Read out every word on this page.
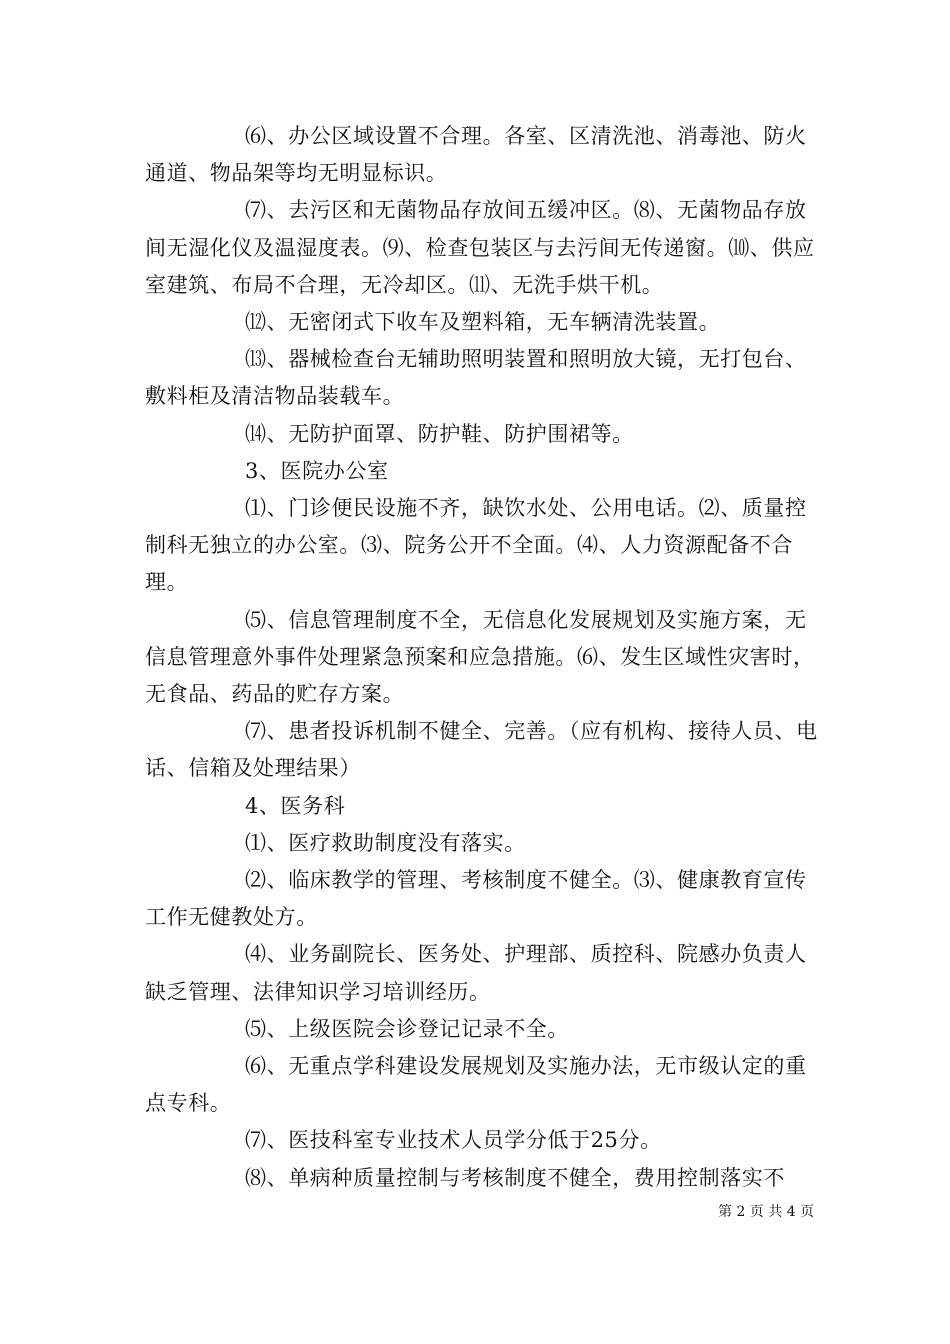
⑹、办公区域设置不合理。各室、区清洗池、消毒池、防火通道、物品架等均无明显标识。

⑺、去污区和无菌物品存放间五缓冲区。⑻、无菌物品存放间无湿化仪及温湿度表。⑼、检查包装区与去污间无传递窗。⑽、供应室建筑、布局不合理，无冷却区。⑾、无洗手烘干机。

⑿、无密闭式下收车及塑料箱，无车辆清洗装置。

⒀、器械检查台无辅助照明装置和照明放大镜，无打包台、敷料柜及清洁物品装载车。

⒁、无防护面罩、防护鞋、防护围裙等。

3、医院办公室

⑴、门诊便民设施不齐，缺饮水处、公用电话。⑵、质量控制科无独立的办公室。⑶、院务公开不全面。⑷、人力资源配备不合理。

⑸、信息管理制度不全，无信息化发展规划及实施方案，无信息管理意外事件处理紧急预案和应急措施。⑹、发生区域性灾害时，无食品、药品的贮存方案。

⑺、患者投诉机制不健全、完善。（应有机构、接待人员、电话、信箱及处理结果）

4、医务科

⑴、医疗救助制度没有落实。

⑵、临床教学的管理、考核制度不健全。⑶、健康教育宣传工作无健教处方。

⑷、业务副院长、医务处、护理部、质控科、院感办负责人缺乏管理、法律知识学习培训经历。

⑸、上级医院会诊登记记录不全。

⑹、无重点学科建设发展规划及实施办法，无市级认定的重点专科。

⑺、医技科室专业技术人员学分低于25分。

⑻、单病种质量控制与考核制度不健全，费用控制落实不

第 2 页 共 4 页
